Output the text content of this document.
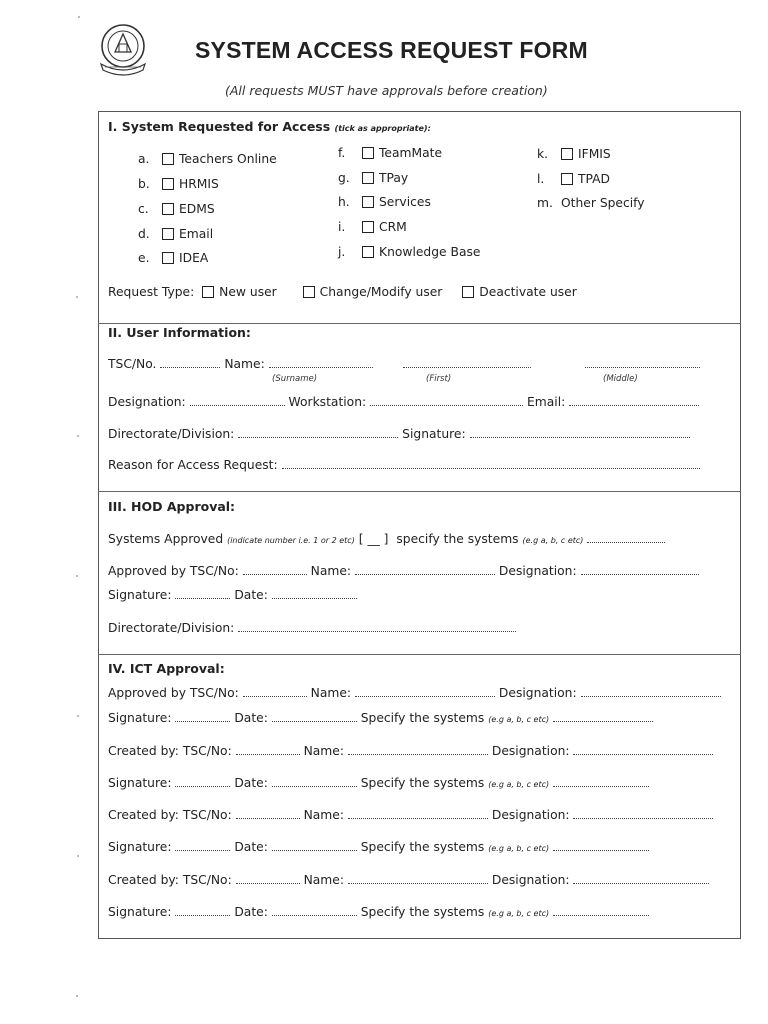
SYSTEM ACCESS REQUEST FORM
(All requests MUST have approvals before creation)
I. System Requested for Access (tick as appropriate):
a. Teachers Online
b. HRMIS
c. EDMS
d. Email
e. IDEA
f.	TeamMate
g. TPay
h. Services
i.	CRM
j.	Knowledge Base
k. IFMIS
l.	TPAD
m. Other Specify
Request Type: New user	Change/Modify user	Deactivate user
II. User Information:
TSC/No.	Name:
(Surname)	(First)	(Middle)
Designation:	Workstation:	Email:
Directorate/Division:	Signature:
Reason for Access Request:
III. HOD Approval:
Systems Approved (indicate number i.e. 1 or 2 etc) [ __ ] specify the systems (e.g a, b, c etc)
Approved by TSC/No:	Name:	Designation:
Signature:	Date:
Directorate/Division:
IV. ICT Approval:
Approved by TSC/No:	Name:	Designation:
Signature:	Date:	Specify the systems (e.g a, b, c etc)
Created by: TSC/No:	Name:	Designation:
Signature:	Date:	Specify the systems (e.g a, b, c etc)
Created by: TSC/No:	Name:	Designation:
Signature:	Date:	Specify the systems (e.g a, b, c etc)
Created by: TSC/No:	Name:	Designation:
Signature:	Date:	Specify the systems (e.g a, b, c etc)
